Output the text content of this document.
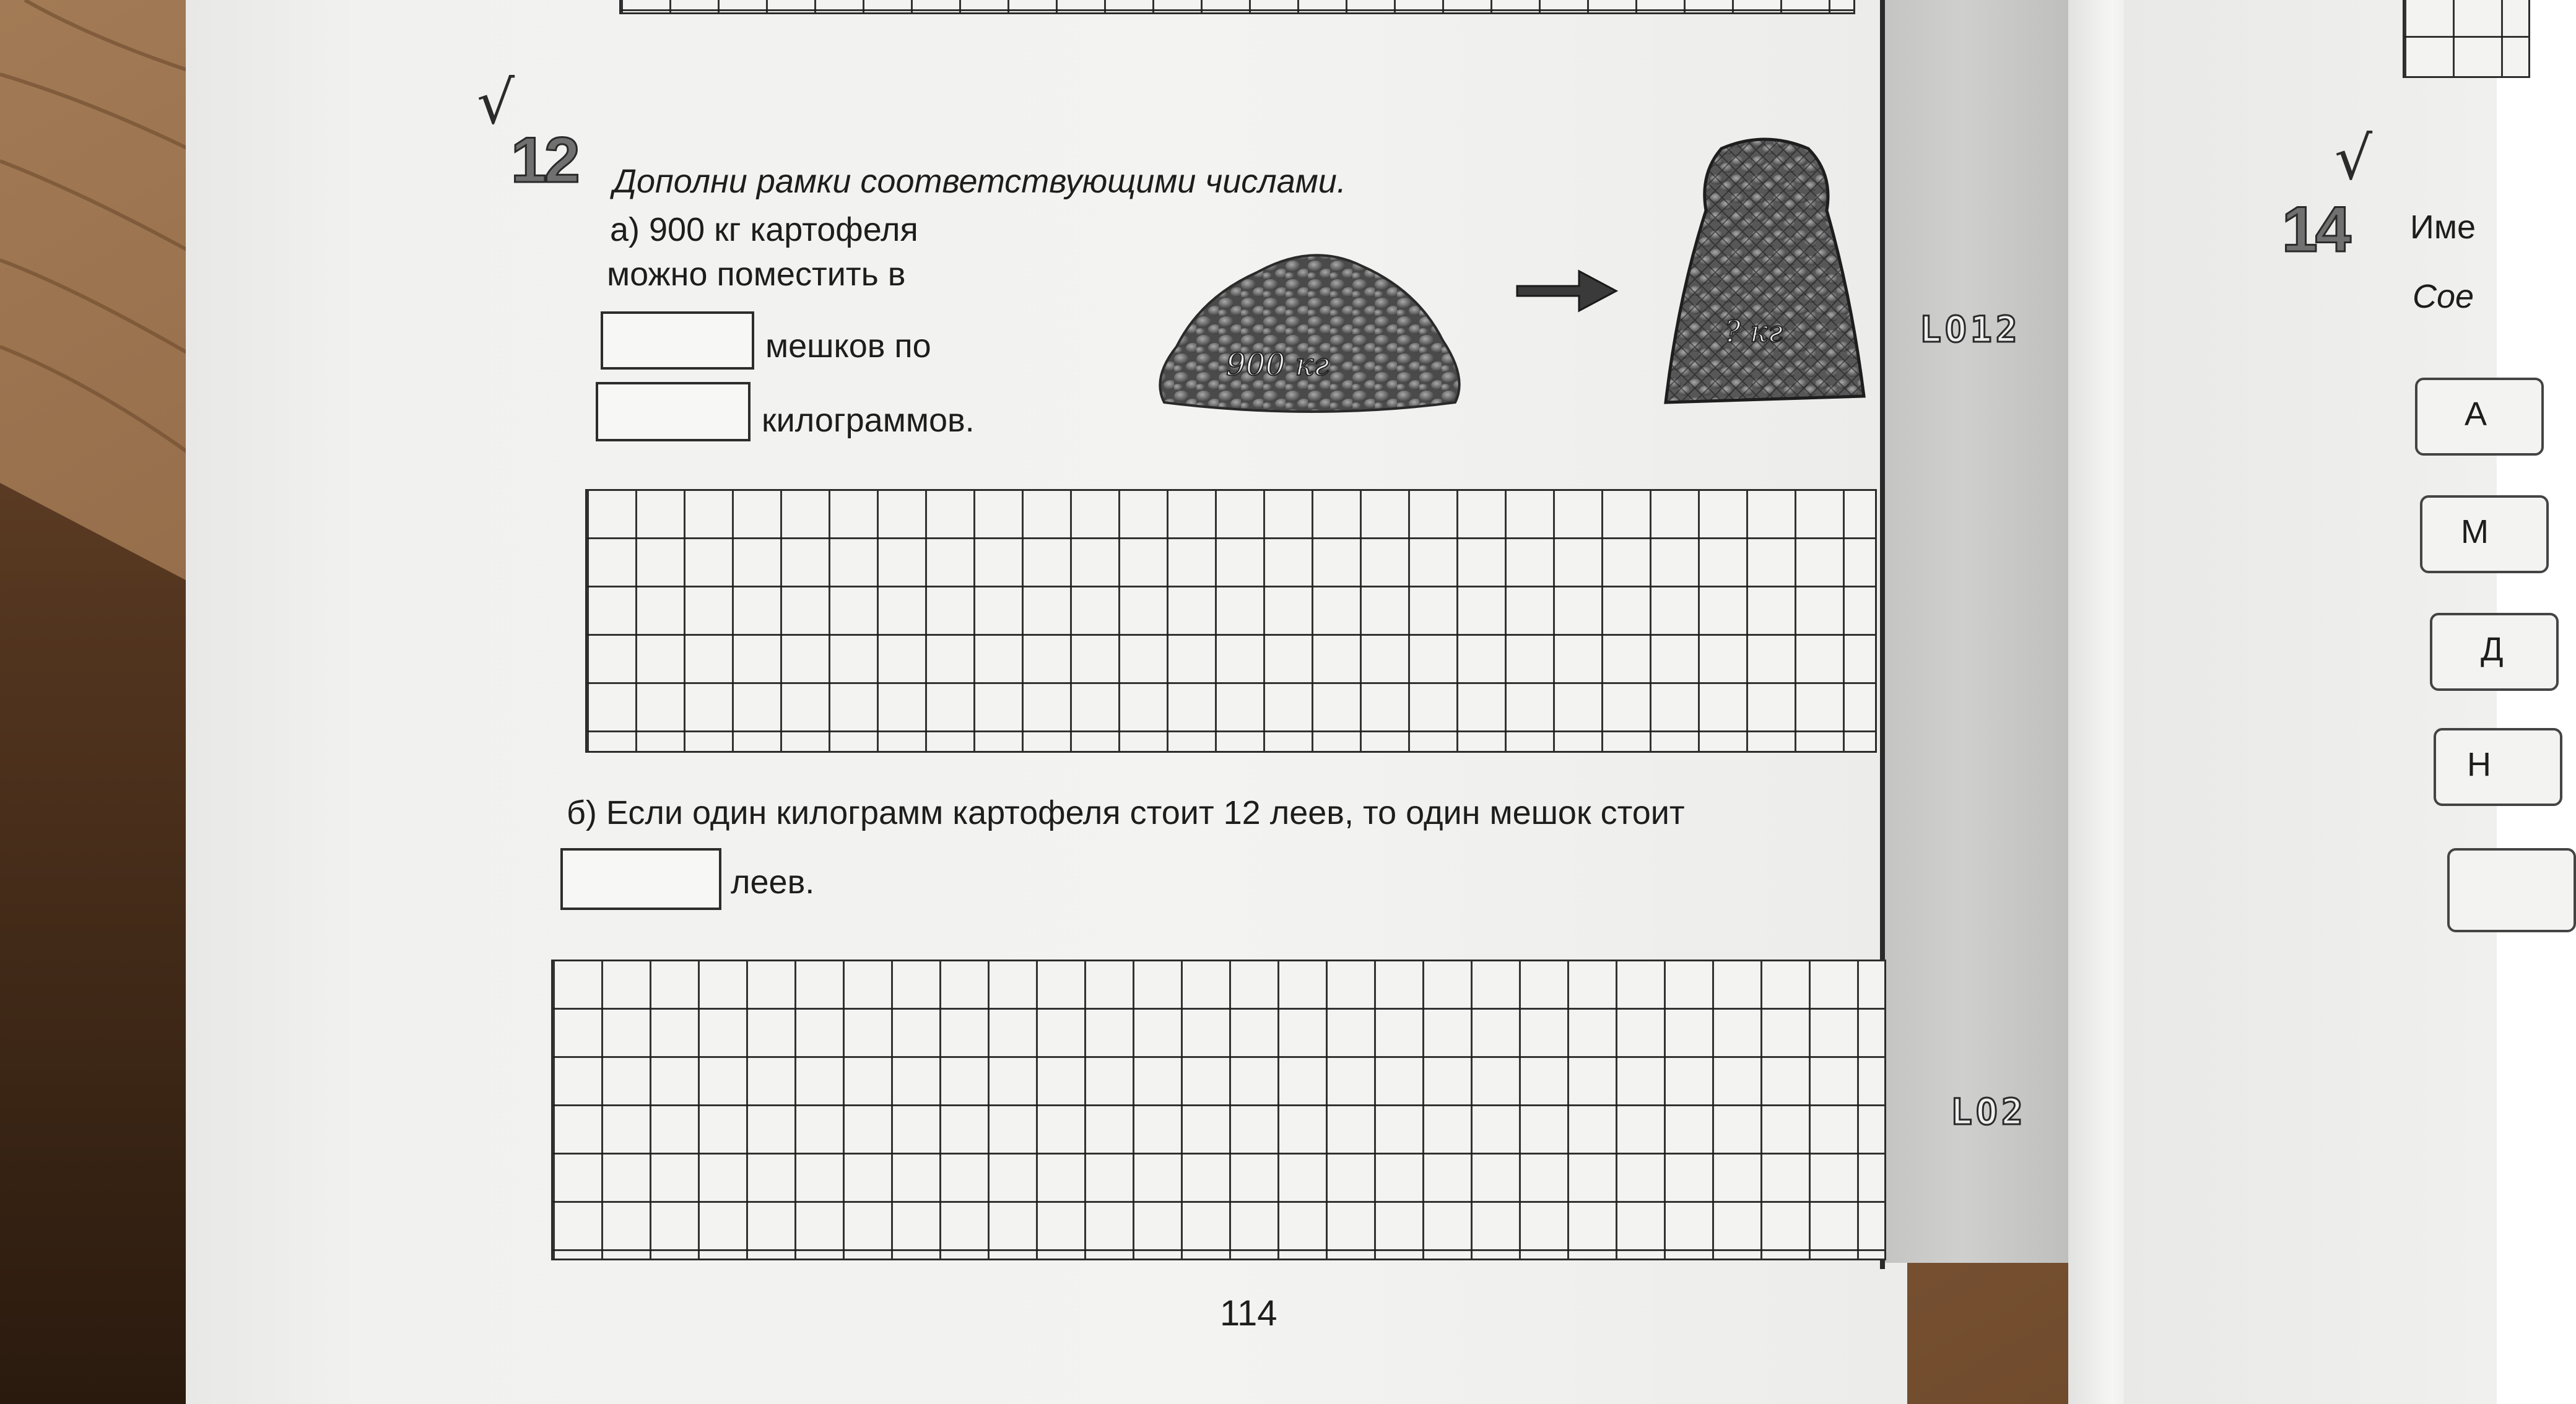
√
12 Дополни рамки соответствующими числами.
а) 900 кг картофеля
можно поместить в
мешков по
килограммов.
900 кг
? кг	LO12
LO2
б) Если один килограмм картофеля стоит 12 леев, то один мешок стоит
леев.
114
√
14 Име
Сое
А
М
Д
Н
